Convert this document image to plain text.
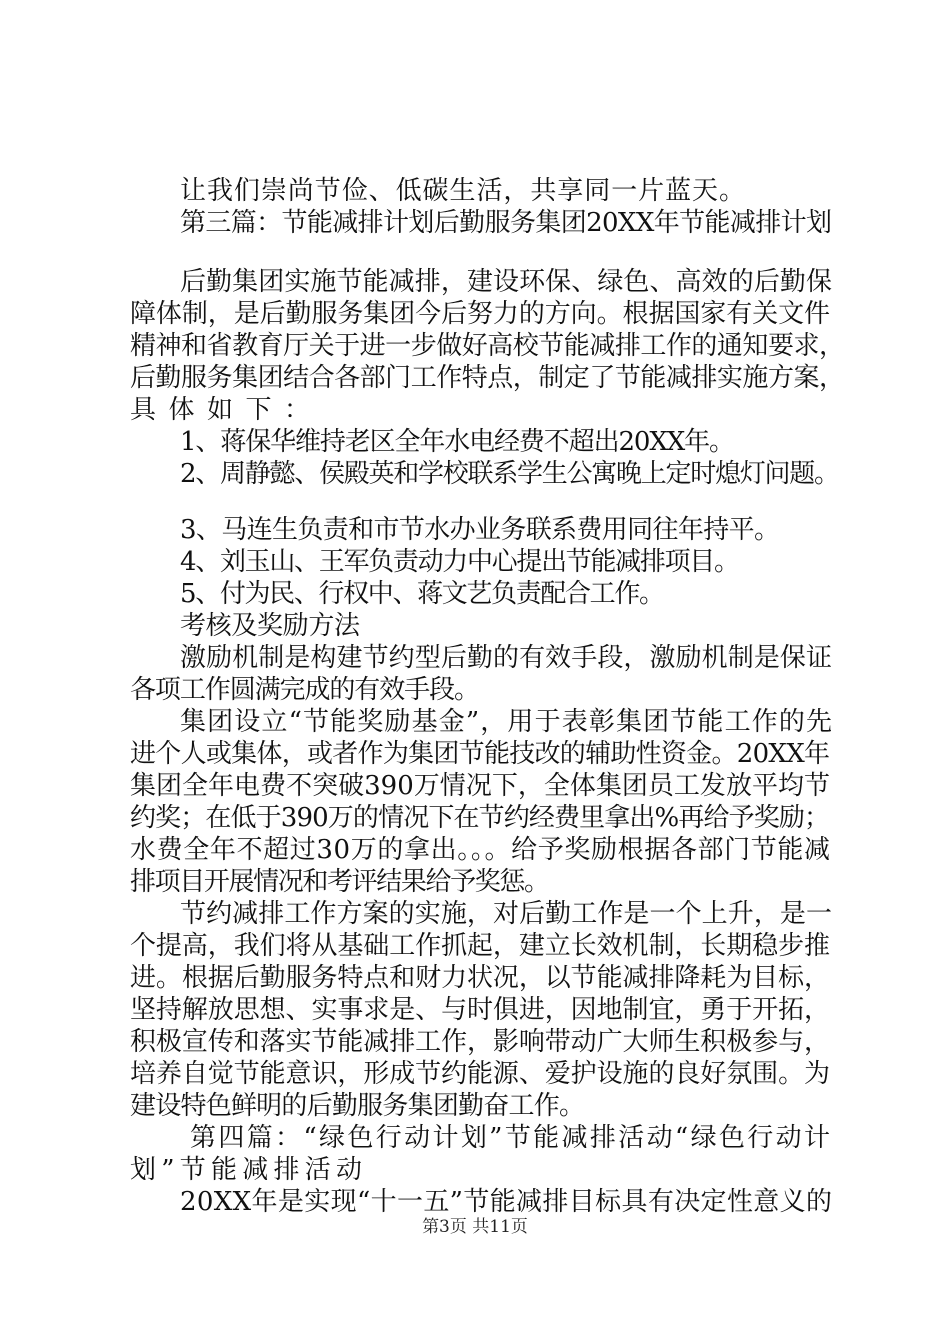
让我们崇尚节俭、低碳生活，共享同一片蓝天。
第三篇：节能减排计划后勤服务集团20XX年节能减排计划
后勤集团实施节能减排，建设环保、绿色、高效的后勤保
障体制，是后勤服务集团今后努力的方向。根据国家有关文件
精神和省教育厅关于进一步做好高校节能减排工作的通知要求，
后勤服务集团结合各部门工作特点，制定了节能减排实施方案，
具体如下：
1、蒋保华维持老区全年水电经费不超出20XX年。
2、周静懿、侯殿英和学校联系学生公寓晚上定时熄灯问题。
3、马连生负责和市节水办业务联系费用同往年持平。
4、刘玉山、王军负责动力中心提出节能减排项目。
5、付为民、行权中、蒋文艺负责配合工作。
考核及奖励方法
激励机制是构建节约型后勤的有效手段，激励机制是保证
各项工作圆满完成的有效手段。
集团设立“节能奖励基金”，用于表彰集团节能工作的先
进个人或集体，或者作为集团节能技改的辅助性资金。20XX年
集团全年电费不突破390万情况下，全体集团员工发放平均节
约奖；在低于390万的情况下在节约经费里拿出%再给予奖励；
水费全年不超过30万的拿出。。。给予奖励根据各部门节能减
排项目开展情况和考评结果给予奖惩。
节约减排工作方案的实施，对后勤工作是一个上升，是一
个提高，我们将从基础工作抓起，建立长效机制，长期稳步推
进。根据后勤服务特点和财力状况，以节能减排降耗为目标，
坚持解放思想、实事求是、与时俱进，因地制宜，勇于开拓，
积极宣传和落实节能减排工作，影响带动广大师生积极参与，
培养自觉节能意识，形成节约能源、爱护设施的良好氛围。为
建设特色鲜明的后勤服务集团勤奋工作。
第四篇：“绿色行动计划”节能减排活动“绿色行动计
划”节能减排活动
20XX年是实现“十一五”节能减排目标具有决定性意义的
第3页 共11页
